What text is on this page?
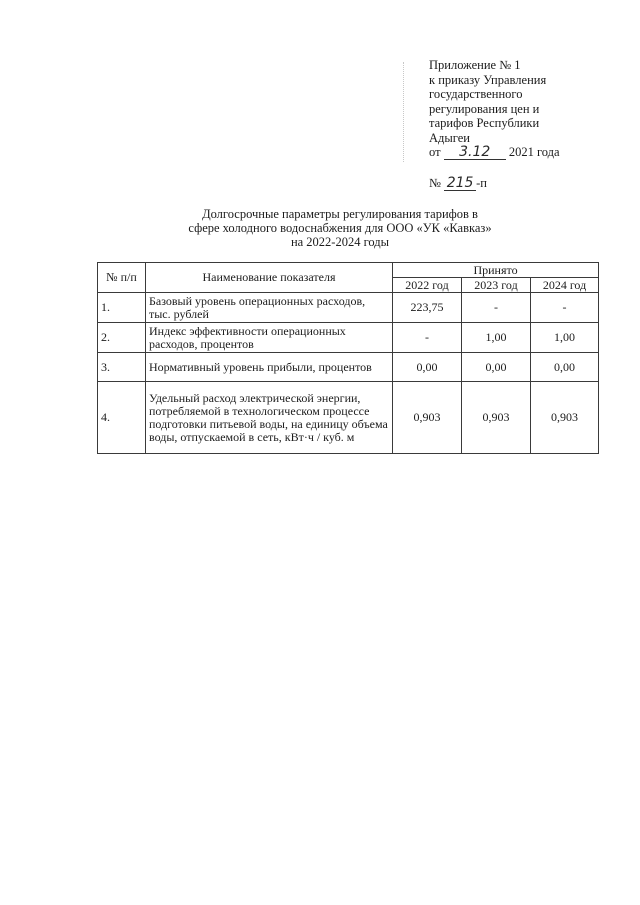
Приложение № 1
к приказу Управления
государственного
регулирования цен и
тарифов Республики
Адыгеи
от 3.12 2021 года
№ 215 -п
Долгосрочные параметры регулирования тарифов в
сфере холодного водоснабжения для ООО «УК «Кавказ»
на 2022-2024 годы
№ п/п	Наименование показателя	Принято		
		2022 год	2023 год	2024 год
1.	Базовый уровень операционных расходов, тыс. рублей	223,75	-	-
2.	Индекс эффективности операционных расходов, процентов	-	1,00	1,00
3.	Нормативный уровень прибыли, процентов	0,00	0,00	0,00
4.	Удельный расход электрической энергии, потребляемой в технологическом процессе подготовки питьевой воды, на единицу объема воды, отпускаемой в сеть, кВт·ч / куб. м	0,903	0,903	0,903
